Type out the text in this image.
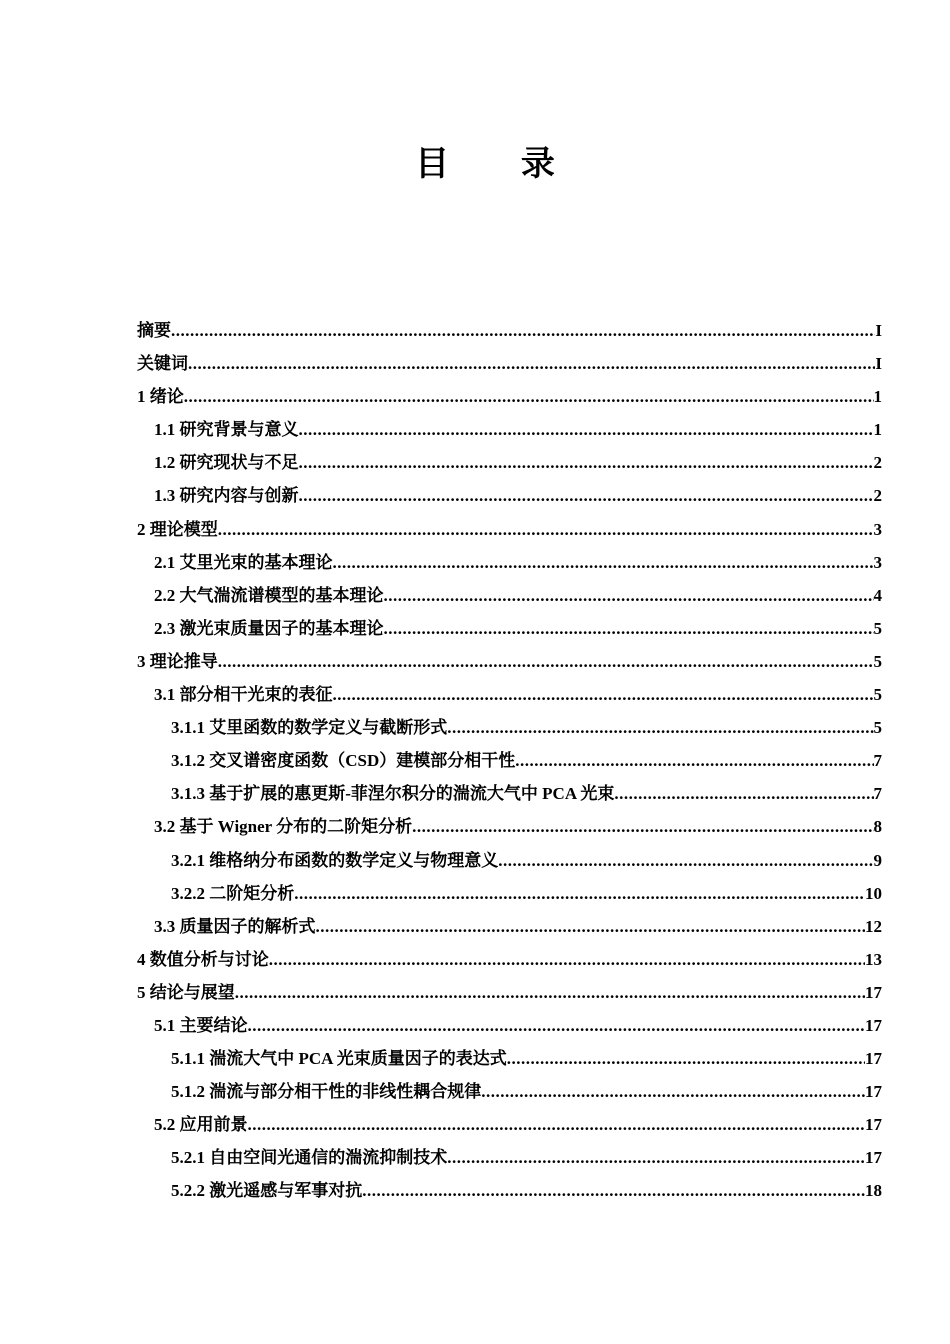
目 录
摘要 .....	I
关键词 .....	I
1 绪论 .....	1
1.1 研究背景与意义 .....	1
1.2 研究现状与不足 .....	2
1.3 研究内容与创新 .....	2
2 理论模型 .....	3
2.1 艾里光束的基本理论 .....	3
2.2 大气湍流谱模型的基本理论 .....	4
2.3 激光束质量因子的基本理论 .....	5
3 理论推导 .....	5
3.1 部分相干光束的表征 .....	5
3.1.1 艾里函数的数学定义与截断形式 .....	5
3.1.2 交叉谱密度函数（CSD）建模部分相干性 .....	7
3.1.3 基于扩展的惠更斯-菲涅尔积分的湍流大气中 PCA 光束 .....	7
3.2 基于 Wigner 分布的二阶矩分析 .....	8
3.2.1 维格纳分布函数的数学定义与物理意义 .....	9
3.2.2 二阶矩分析 .....	10
3.3 质量因子的解析式 .....	12
4 数值分析与讨论 .....	13
5 结论与展望 .....	17
5.1 主要结论 .....	17
5.1.1 湍流大气中 PCA 光束质量因子的表达式 .....	17
5.1.2 湍流与部分相干性的非线性耦合规律 .....	17
5.2 应用前景 .....	17
5.2.1 自由空间光通信的湍流抑制技术 .....	17
5.2.2 激光遥感与军事对抗 .....	18
